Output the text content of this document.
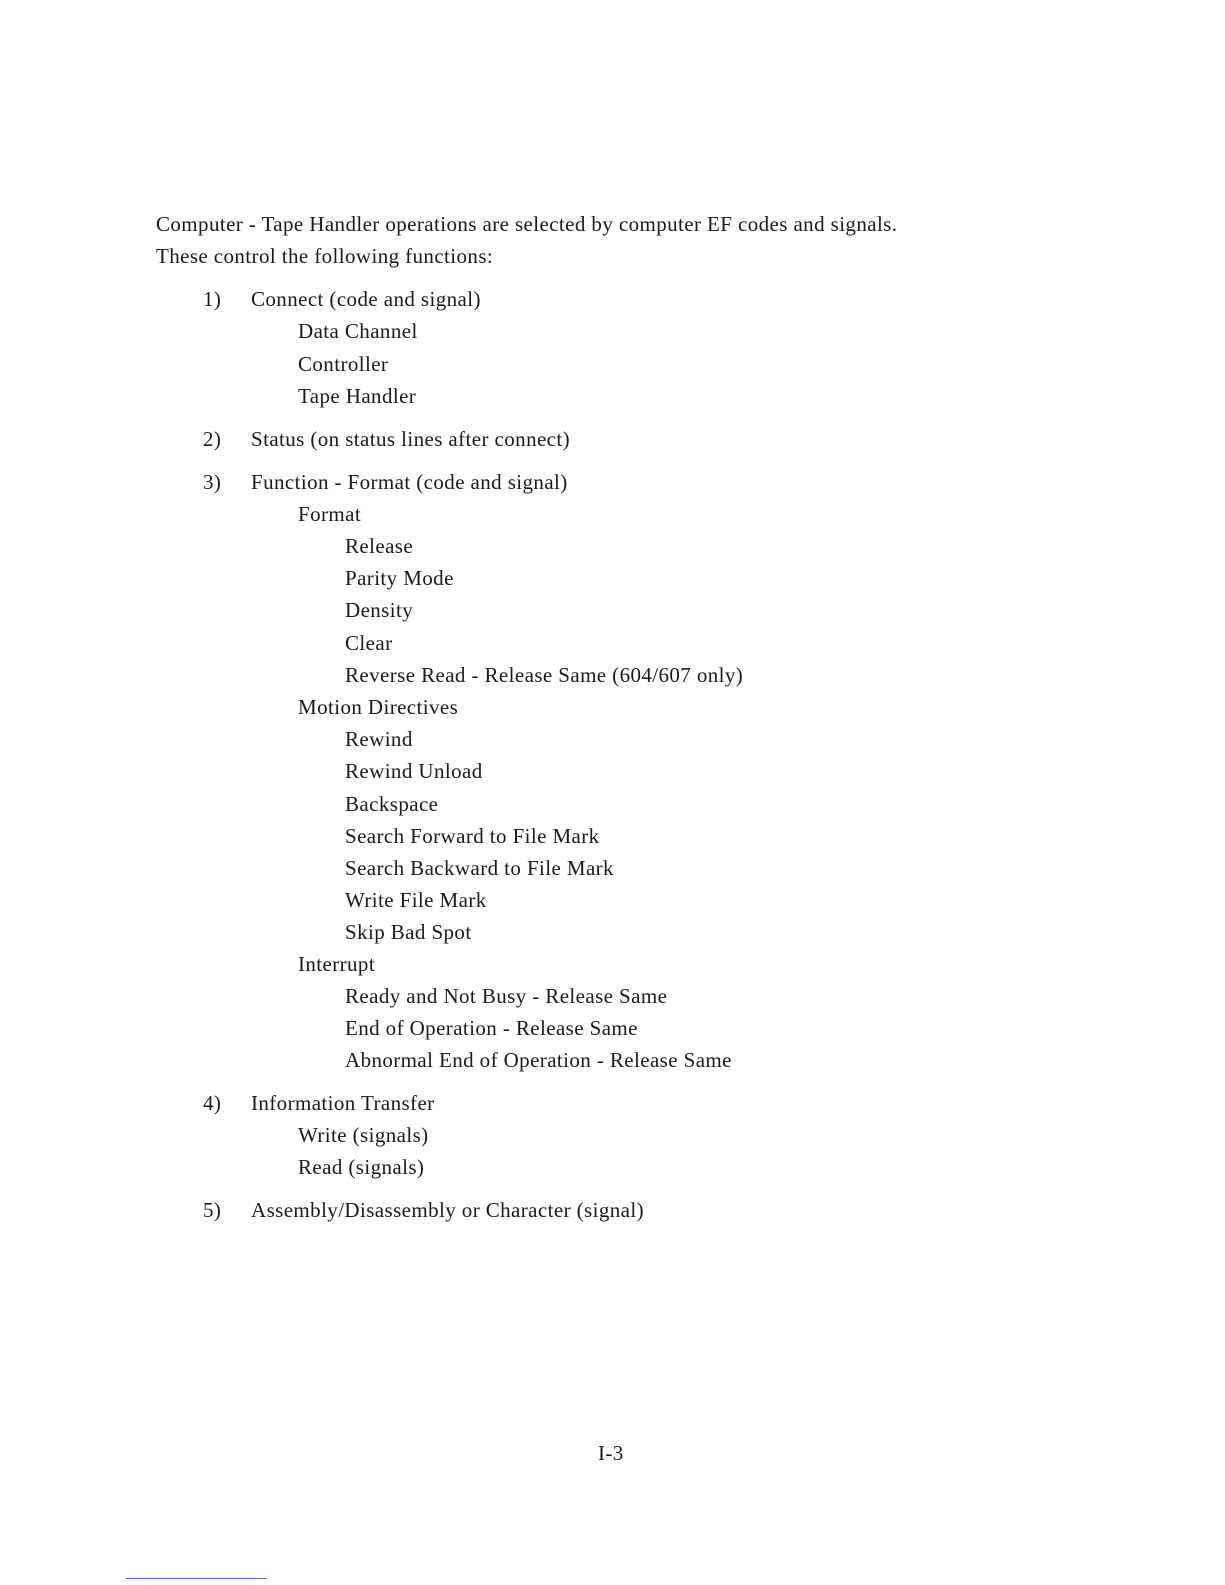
Computer - Tape Handler operations are selected by computer EF codes and signals.
These control the following functions:
1) Connect (code and signal)
Data Channel
Controller
Tape Handler
2) Status (on status lines after connect)
3) Function - Format (code and signal)
Format
Release
Parity Mode
Density
Clear
Reverse Read - Release Same (604/607 only)
Motion Directives
Rewind
Rewind Unload
Backspace
Search Forward to File Mark
Search Backward to File Mark
Write File Mark
Skip Bad Spot
Interrupt
Ready and Not Busy - Release Same
End of Operation - Release Same
Abnormal End of Operation - Release Same
4) Information Transfer
Write (signals)
Read (signals)
5) Assembly/Disassembly or Character (signal)
I-3
